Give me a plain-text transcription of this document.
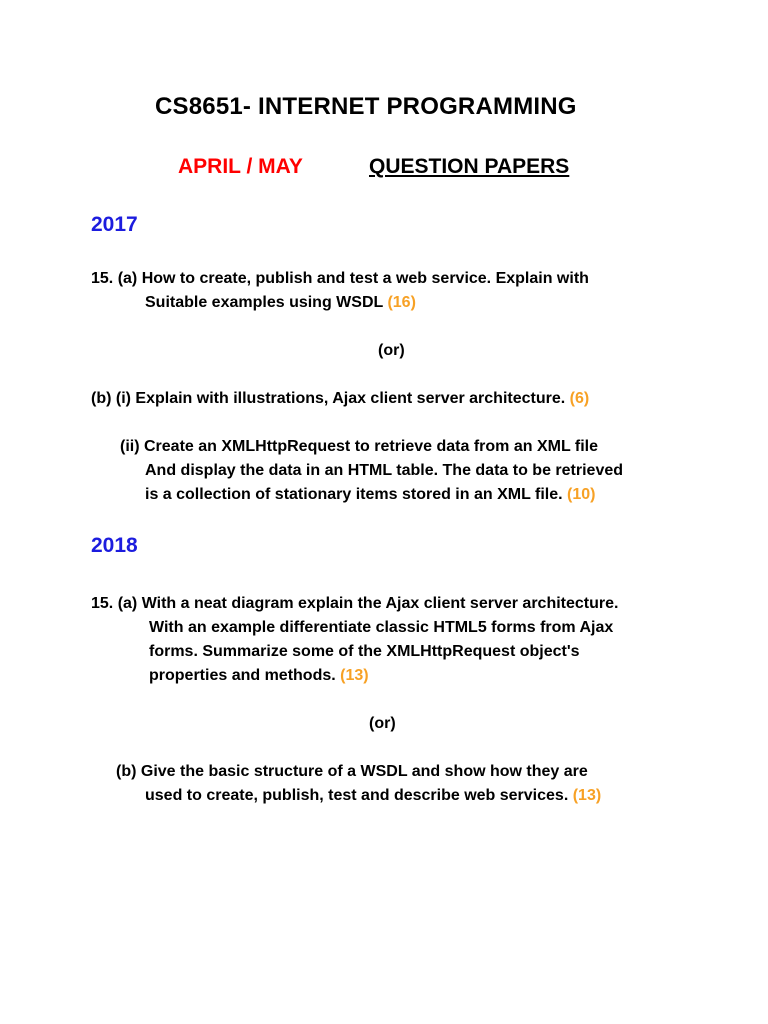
CS8651- INTERNET PROGRAMMING
APRIL / MAY	QUESTION PAPERS
2017
15. (a) How to create, publish and test a web service. Explain with
Suitable examples using WSDL (16)
(or)
(b) (i) Explain with illustrations, Ajax client server architecture. (6)
(ii) Create an XMLHttpRequest to retrieve data from an XML file
And display the data in an HTML table. The data to be retrieved
is a collection of stationary items stored in an XML file. (10)
2018
15. (a) With a neat diagram explain the Ajax client server architecture.
With an example differentiate classic HTML5 forms from Ajax
forms. Summarize some of the XMLHttpRequest object's
properties and methods. (13)
(or)
(b) Give the basic structure of a WSDL and show how they are
used to create, publish, test and describe web services. (13)
